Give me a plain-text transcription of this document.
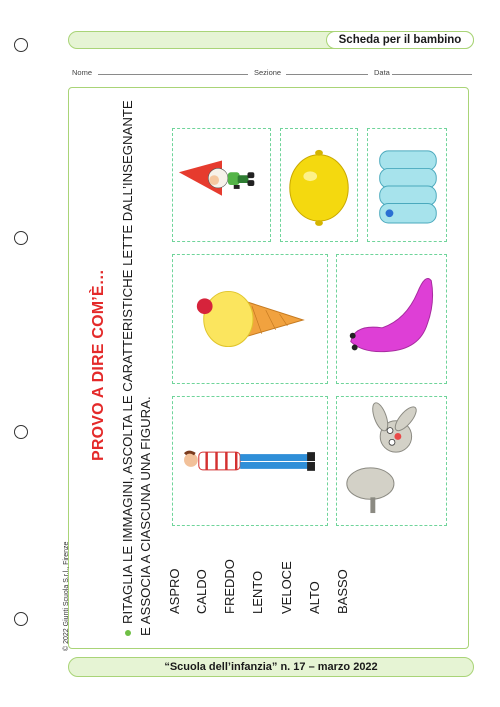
Scheda per il bambino
Nome	Sezione	Data
PROVO A DIRE COM’È… RITAGLIA LE IMMAGINI, ASCOLTA LE CARATTERISTICHE LETTE DALL’INSEGNANTE E ASSOCIA A CIASCUNA UNA FIGURA. ASPRO CALDO FREDDO LENTO VELOCE ALTO BASSO
© 2022 Giunti Scuola S.r.l., Firenze
“Scuola dell’infanzia” n. 17 – marzo 2022
